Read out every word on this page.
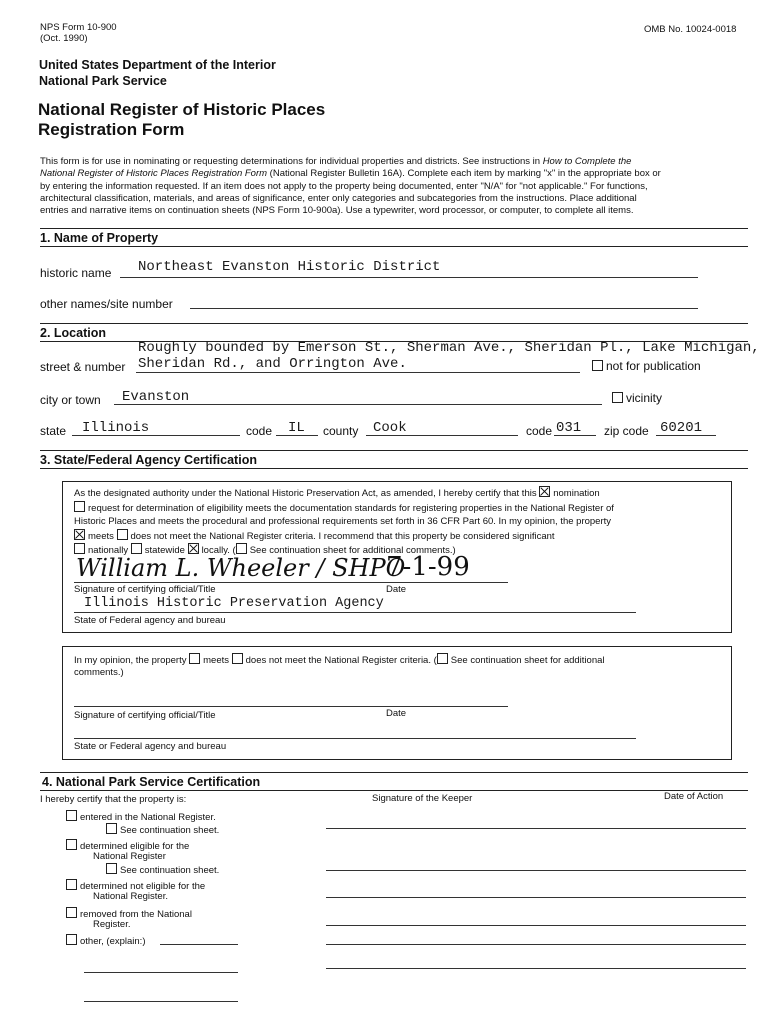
NPS Form 10-900
(Oct. 1990)
OMB No. 10024-0018
United States Department of the Interior
National Park Service
National Register of Historic Places
Registration Form
This form is for use in nominating or requesting determinations for individual properties and districts. See instructions in How to Complete the
National Register of Historic Places Registration Form (National Register Bulletin 16A). Complete each item by marking "x" in the appropriate box or
by entering the information requested. If an item does not apply to the property being documented, enter "N/A" for "not applicable." For functions,
architectural classification, materials, and areas of significance, enter only categories and subcategories from the instructions. Place additional
entries and narrative items on continuation sheets (NPS Form 10-900a). Use a typewriter, word processor, or computer, to complete all items.
1. Name of Property
historic name Northeast Evanston Historic District
other names/site number
2. Location
Roughly bounded by Emerson St., Sherman Ave., Sheridan Pl., Lake Michigan,
street & number Sheridan Rd., and Orrington Ave.	not for publication
city or town Evanston	vicinity
state Illinois	code IL county Cook	code 031 zip code 60201
3. State/Federal Agency Certification
As the designated authority under the National Historic Preservation Act, as amended, I hereby certify that this nomination
request for determination of eligibility meets the documentation standards for registering properties in the National Register of
Historic Places and meets the procedural and professional requirements set forth in 36 CFR Part 60. In my opinion, the property
meets does not meet the National Register criteria. I recommend that this property be considered significant
nationally statewide locally. ( See continuation sheet for additional comments.)
William L. Wheeler / SHPO
7-1-99
Signature of certifying official/Title	Date
Illinois Historic Preservation Agency
State of Federal agency and bureau
In my opinion, the property meets does not meet the National Register criteria. ( See continuation sheet for additional
comments.)
Signature of certifying official/Title	Date
State or Federal agency and bureau
4. National Park Service Certification
I hereby certify that the property is:	Signature of the Keeper	Date of Action
entered in the National Register.
See continuation sheet.
determined eligible for the
National Register
See continuation sheet.
determined not eligible for the
National Register.
removed from the National
Register.
other, (explain:)
